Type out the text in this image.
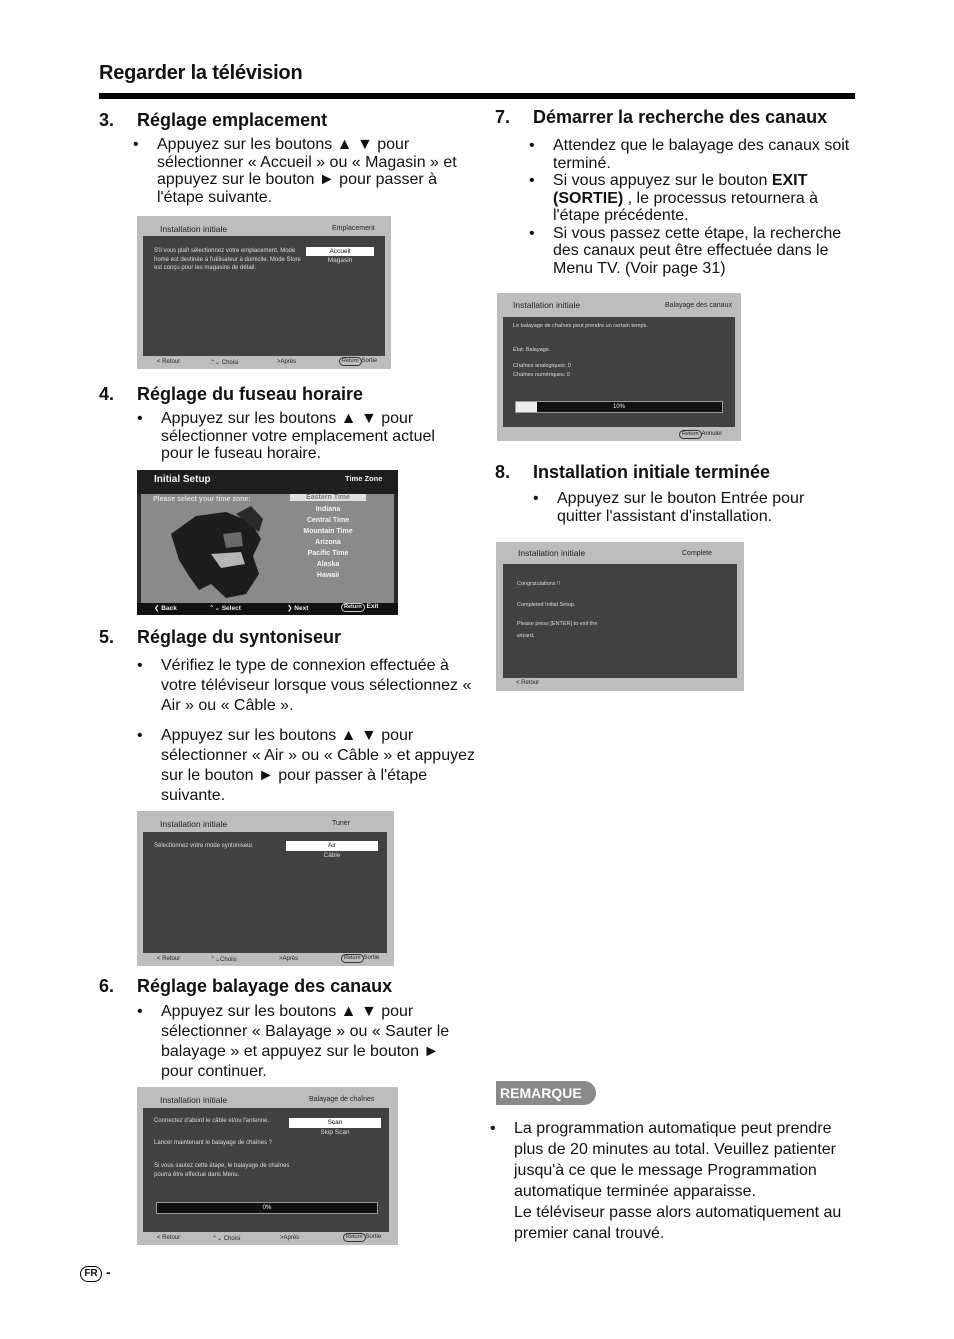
Regarder la télévision
3. Réglage emplacement
• Appuyez sur les boutons ▲ ▼ pour sélectionner « Accueil » ou « Magasin » et appuyez sur le bouton ► pour passer à l'étape suivante.
Installation initiale	Emplacement
S'il vous plaît sélectionnez votre emplacement. Mode home est destinée à l'utilisateur à domicile. Mode Store est conçu pour les magasins de détail.
Accueil
Magasin
< Retour	⌃⌄ Choisi	>Après	Return Sortie
4. Réglage du fuseau horaire
• Appuyez sur les boutons ▲ ▼ pour sélectionner votre emplacement actuel pour le fuseau horaire.
Initial Setup	Time Zone
Please select your time zone:	Eastern Time
Indiana
Central Time
Mountain Time
Arizona
Pacific Time
Alaska
Hawaii
❮ Back	⌃⌄ Select	❯ Next	Return Exit
5. Réglage du syntoniseur
• Vérifiez le type de connexion effectuée à votre téléviseur lorsque vous sélectionnez « Air » ou « Câble ».
• Appuyez sur les boutons ▲ ▼ pour sélectionner « Air » ou « Câble » et appuyez sur le bouton ► pour passer à l'étape suivante.
Installation initiale	Tuner
Sélectionnez votre mode syntoniseur.	Air
Câble
< Retour	⌃⌄Choisi	>Après	Return Sortie
6. Réglage balayage des canaux
• Appuyez sur les boutons ▲ ▼ pour sélectionner « Balayage » ou « Sauter le balayage » et appuyez sur le bouton ► pour continuer.
Installation initiale	Balayage de chaînes
Connectez d'abord le câble et/ou l'antenne.
Lancer maintenant le balayage de chaînes ?
Si vous sautez cette étape, le balayage de chaînes pourra être effectué dans Menu.
Scan
Skip Scan
0%
< Retour	⌃⌄ Choisi	>Après	Return Sortie
7. Démarrer la recherche des canaux
• Attendez que le balayage des canaux soit terminé.
• Si vous appuyez sur le bouton EXIT (SORTIE) , le processus retournera à l'étape précédente.
• Si vous passez cette étape, la recherche des canaux peut être effectuée dans le Menu TV. (Voir page 31)
Installation initiale	Balayage des canaux
Le balayage de chaînes peut prendre un certain temps.
État: Balayage.
Chaînes analogiques: 0
Chaînes numériques: 0
10%
Return Annuler
8. Installation initiale terminée
• Appuyez sur le bouton Entrée pour quitter l'assistant d'installation.
Installation initiale	Complete
Congratulations !!
Completed Initial Setup.
Please press [ENTER] to exit the
wizard.
< Retour
REMARQUE
• La programmation automatique peut prendre plus de 20 minutes au total. Veuillez patienter jusqu'à ce que le message Programmation automatique terminée apparaisse.
Le téléviseur passe alors automatiquement au premier canal trouvé.
FR -
